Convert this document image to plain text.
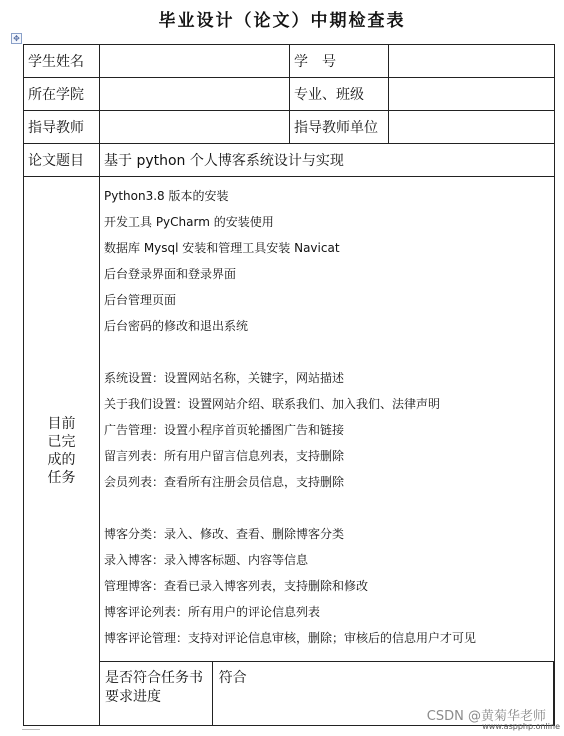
毕业设计（论文）中期检查表
✥
学生姓名		学　号	
所在学院		专业、班级	
指导教师		指导教师单位	
论文题目	基于 python 个人博客系统设计与实现

目前
已完
成的
任务

Python3.8 版本的安装
开发工具 PyCharm 的安装使用
数据库 Mysql 安装和管理工具安装 Navicat
后台登录界面和登录界面
后台管理页面
后台密码的修改和退出系统
系统设置：设置网站名称，关键字，网站描述
关于我们设置：设置网站介绍、联系我们、加入我们、法律声明
广告管理：设置小程序首页轮播图广告和链接
留言列表：所有用户留言信息列表，支持删除
会员列表：查看所有注册会员信息，支持删除
博客分类：录入、修改、查看、删除博客分类
录入博客：录入博客标题、内容等信息
管理博客：查看已录入博客列表，支持删除和修改
博客评论列表：所有用户的评论信息列表
博客评论管理：支持对评论信息审核，删除；审核后的信息用户才可见
是否符合任务书要求进度	符合
CSDN @黄菊华老师
www.aspphp.online
